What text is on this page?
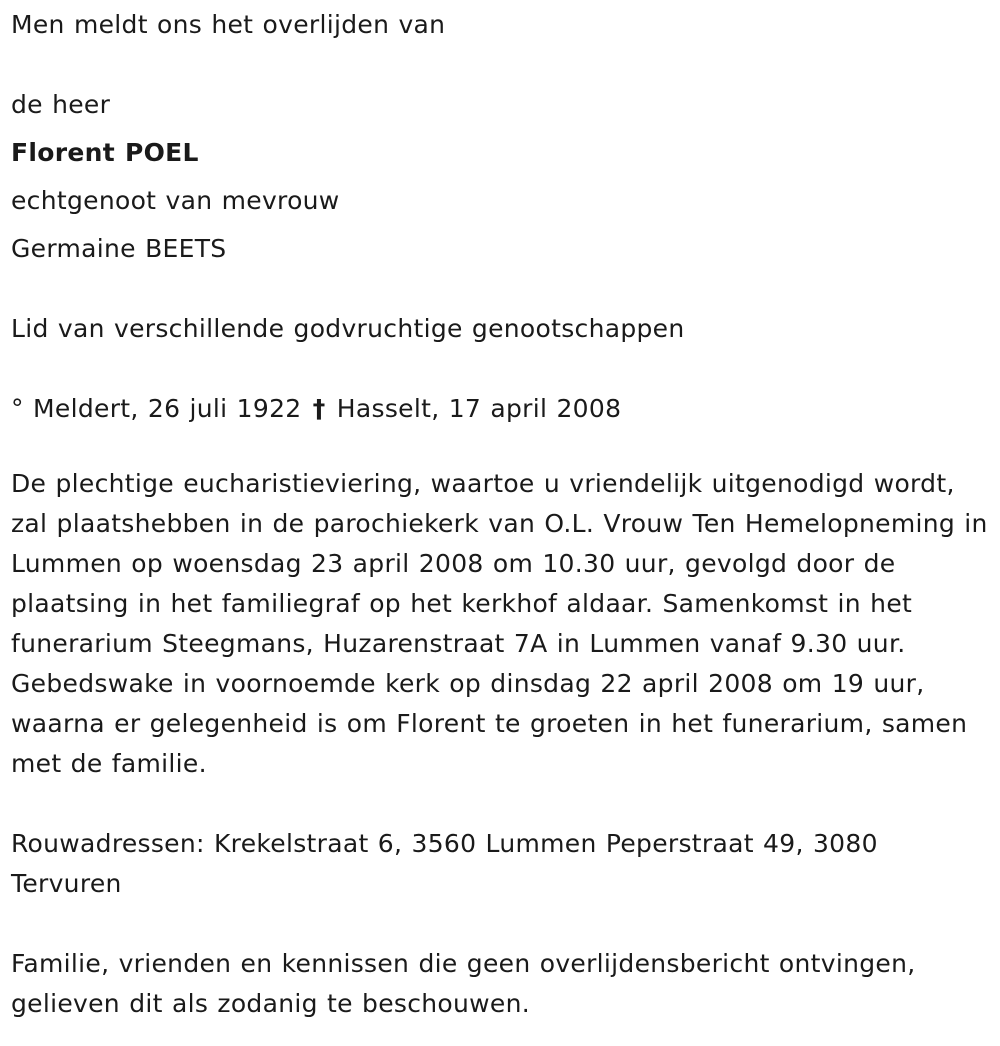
Men meldt ons het overlijden van

de heer

Florent POEL

echtgenoot van mevrouw

Germaine BEETS

Lid van verschillende godvruchtige genootschappen

° Meldert, 26 juli 1922 † Hasselt, 17 april 2008

De plechtige eucharistieviering, waartoe u vriendelijk uitgenodigd wordt, zal plaatshebben in de parochiekerk van O.L. Vrouw Ten Hemelopneming in Lummen op woensdag 23 april 2008 om 10.30 uur, gevolgd door de plaatsing in het familiegraf op het kerkhof aldaar. Samenkomst in het funerarium Steegmans, Huzarenstraat 7A in Lummen vanaf 9.30 uur. Gebedswake in voornoemde kerk op dinsdag 22 april 2008 om 19 uur, waarna er gelegenheid is om Florent te groeten in het funerarium, samen met de familie.

Rouwadressen: Krekelstraat 6, 3560 Lummen Peperstraat 49, 3080 Tervuren

Familie, vrienden en kennissen die geen overlijdensbericht ontvingen, gelieven dit als zodanig te beschouwen.
